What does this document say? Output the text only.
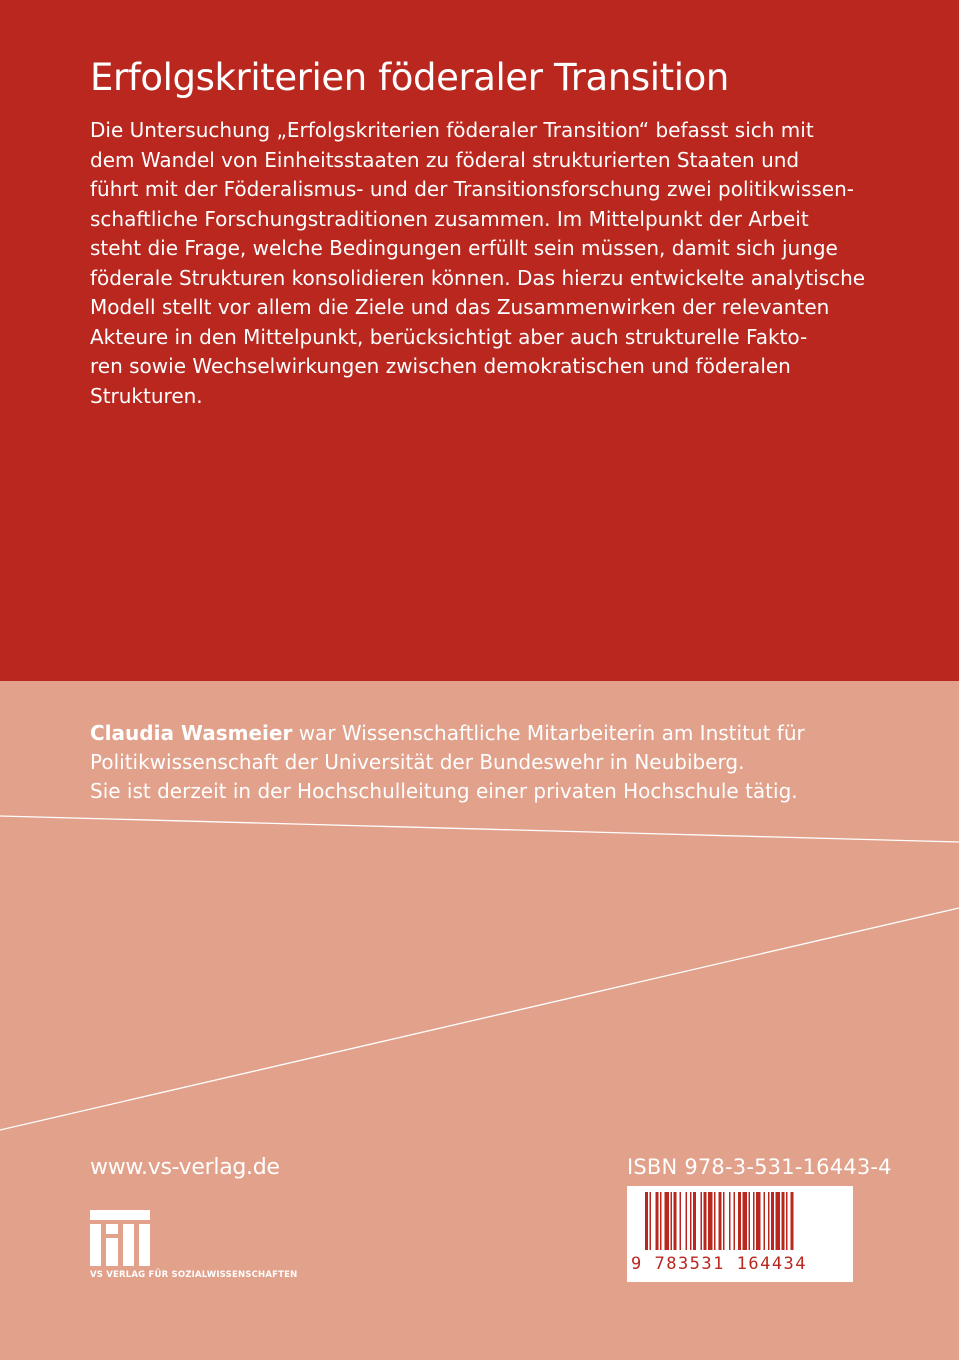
Erfolgskriterien föderaler Transition
Die Untersuchung „Erfolgskriterien föderaler Transition“ befasst sich mit
dem Wandel von Einheitsstaaten zu föderal strukturierten Staaten und
führt mit der Föderalismus- und der Transitionsforschung zwei politikwissen-
schaftliche Forschungstraditionen zusammen. Im Mittelpunkt der Arbeit
steht die Frage, welche Bedingungen erfüllt sein müssen, damit sich junge
föderale Strukturen konsolidieren können. Das hierzu entwickelte analytische
Modell stellt vor allem die Ziele und das Zusammenwirken der relevanten
Akteure in den Mittelpunkt, berücksichtigt aber auch strukturelle Fakto-
ren sowie Wechselwirkungen zwischen demokratischen und föderalen
Strukturen.
Claudia Wasmeier war Wissenschaftliche Mitarbeiterin am Institut für
Politikwissenschaft der Universität der Bundeswehr in Neubiberg.
Sie ist derzeit in der Hochschulleitung einer privaten Hochschule tätig.
www.vs-verlag.de
VS VERLAG FÜR SOZIALWISSENSCHAFTEN
ISBN 978-3-531-16443-4
9 783531 164434
